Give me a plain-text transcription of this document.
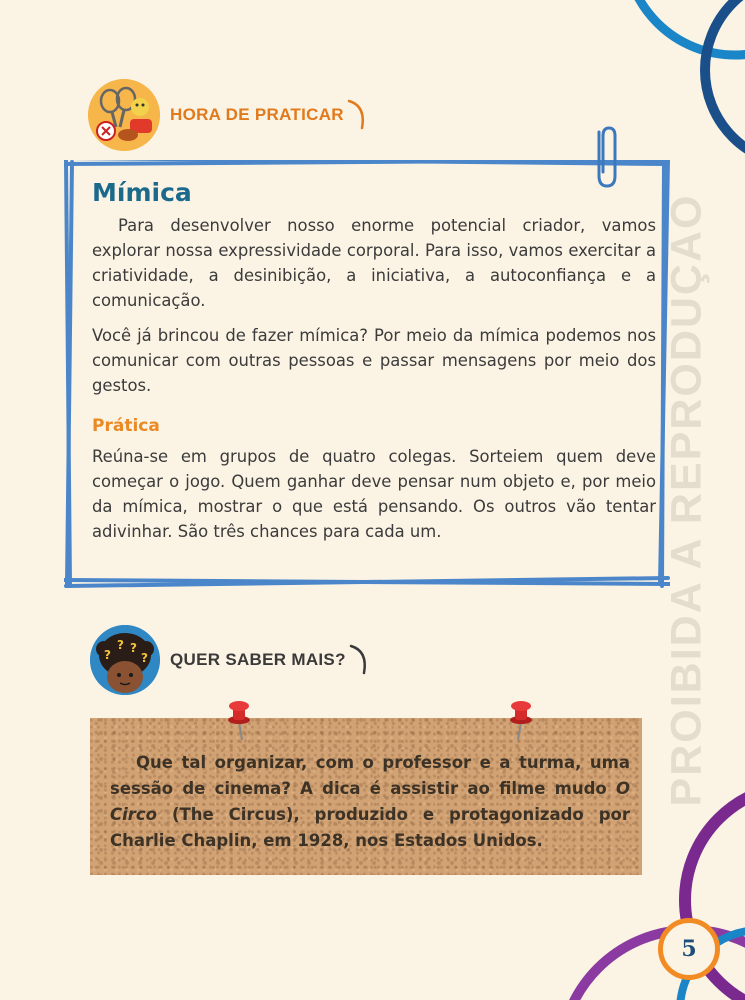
PROIBIDA A REPRODUÇÃO
HORA DE PRATICAR
Mímica

Para desenvolver nosso enorme potencial criador, vamos explorar nossa expressividade corporal. Para isso, vamos exercitar a criatividade, a desinibição, a iniciativa, a autoconfiança e a comunicação.

Você já brincou de fazer mímica? Por meio da mímica podemos nos comunicar com outras pessoas e passar mensagens por meio dos gestos.

Prática

Reúna-se em grupos de quatro colegas. Sorteiem quem deve começar o jogo. Quem ganhar deve pensar num objeto e, por meio da mímica, mostrar o que está pensando. Os outros vão tentar adivinhar. São três chances para cada um.

?
? ?
? QUER SABER MAIS?

Que tal organizar, com o professor e a turma, uma sessão de cinema? A dica é assistir ao filme mudo O Circo (The Circus), produzido e protagonizado por Charlie Chaplin, em 1928, nos Estados Unidos.

5
